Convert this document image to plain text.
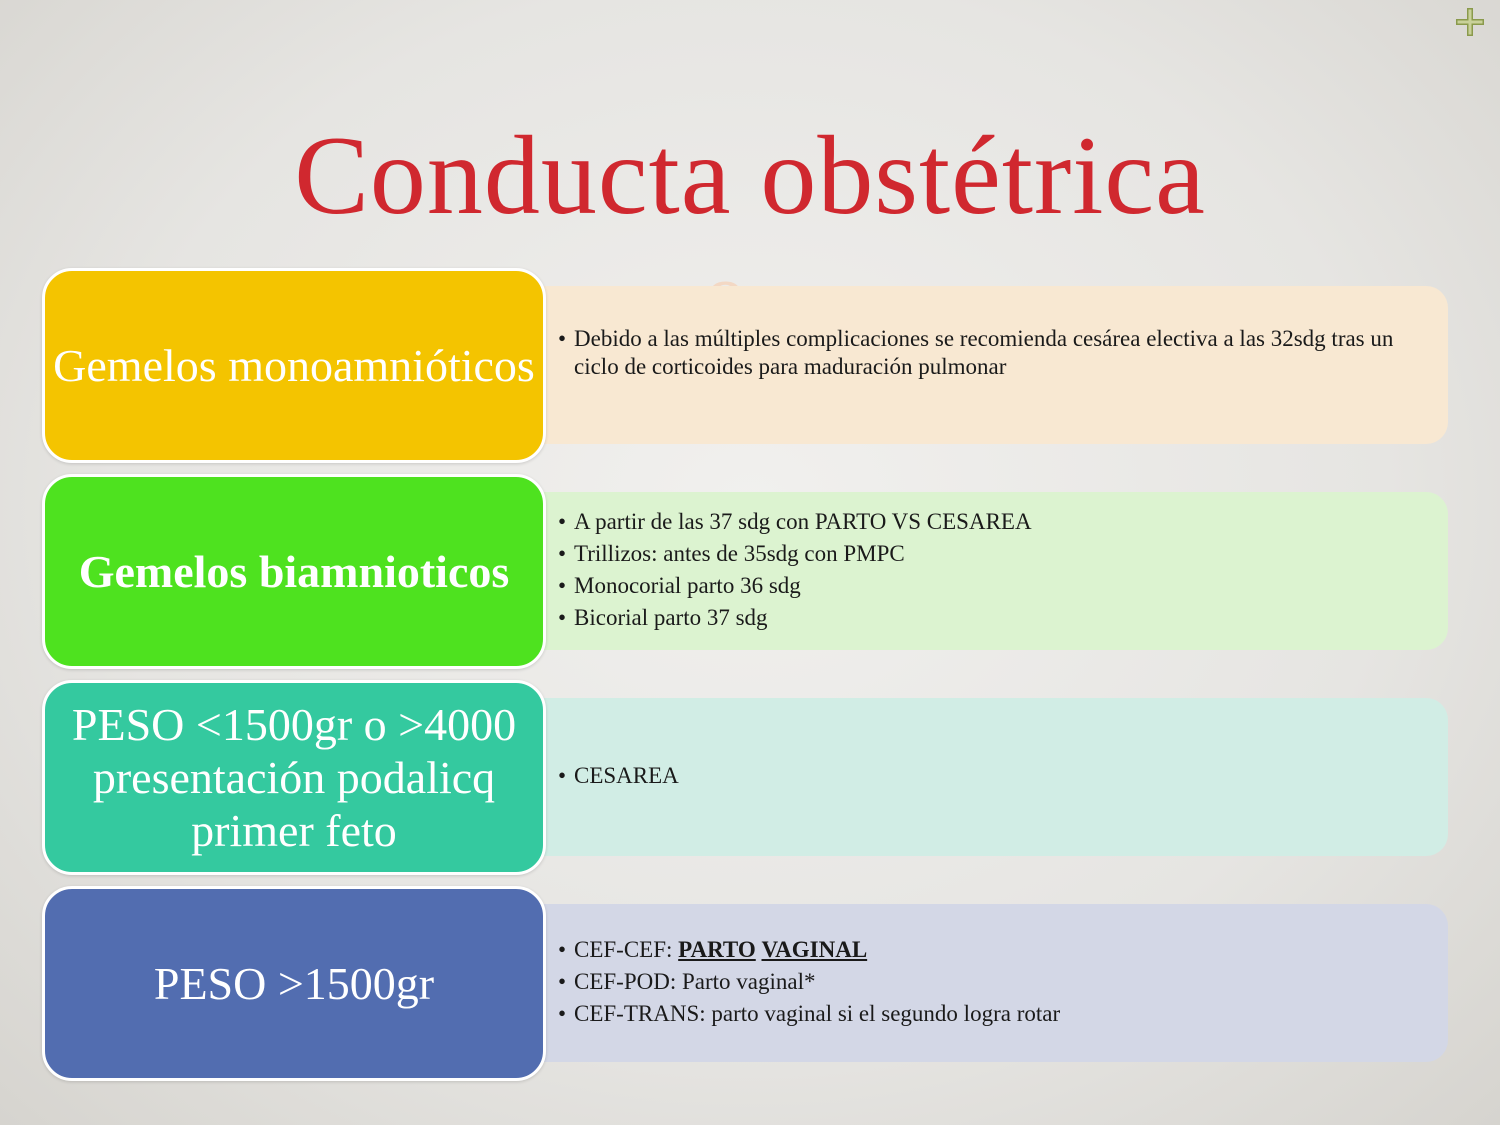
Conducta obstétrica
• Debido a las múltiples complicaciones se recomienda cesárea electiva a las 32sdg tras un ciclo de corticoides para maduración pulmonar
Gemelos monoamnióticos
• A partir de las 37 sdg con PARTO VS CESAREA
• Trillizos: antes de 35sdg con PMPC
• Monocorial parto 36 sdg
• Bicorial parto 37 sdg
Gemelos biamnioticos
• CESAREA
PESO <1500gr o >4000 presentación podalicq primer feto
• CEF-CEF: PARTO VAGINAL
• CEF-POD: Parto vaginal*
• CEF-TRANS: parto vaginal si el segundo logra rotar
PESO >1500gr
